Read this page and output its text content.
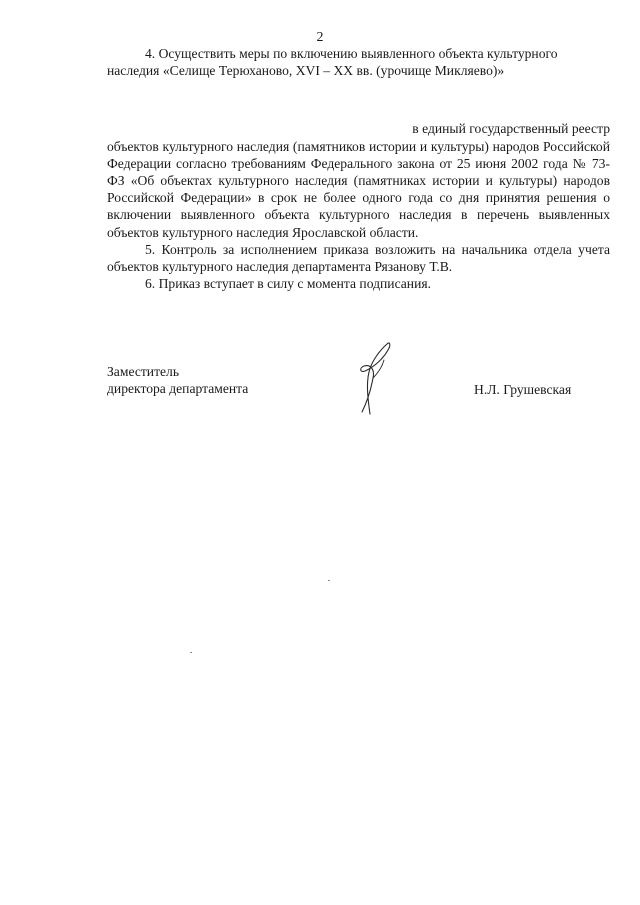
2

4. Осуществить меры по включению выявленного объекта культурного

наследия «Селище Терюханово, XVI – XX вв. (урочище Микляево)»

в единый государственный реестр

объектов культурного наследия (памятников истории и культуры) народов Российской Федерации согласно требованиям Федерального закона от 25 июня 2002 года № 73-ФЗ «Об объектах культурного наследия (памятниках истории и культуры) народов Российской Федерации» в срок не более одного года со дня принятия решения о включении выявленного объекта культурного наследия в перечень выявленных объектов культурного наследия Ярославской области.

5. Контроль за исполнением приказа возложить на начальника отдела учета объектов культурного наследия департамента Рязанову Т.В.

6. Приказ вступает в силу с момента подписания.

Заместитель
директора департамента	Н.Л. Грушевская
